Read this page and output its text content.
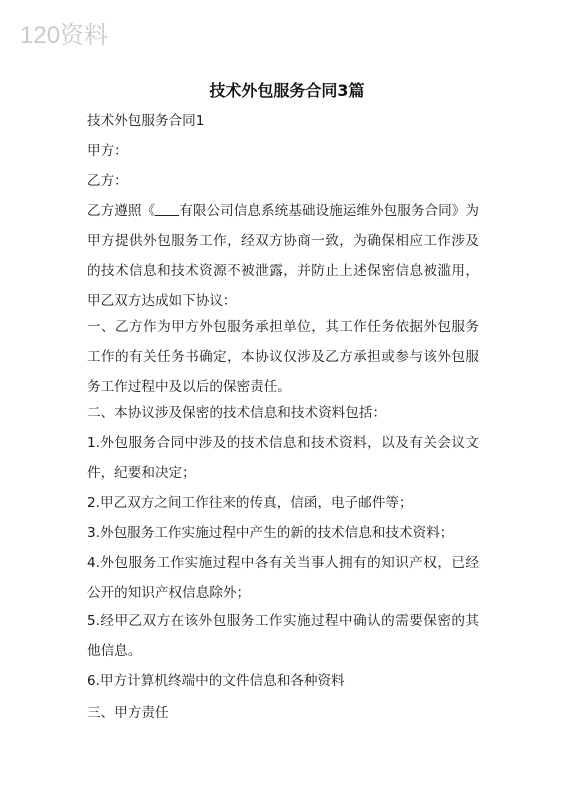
120资料
技术外包服务合同3篇

技术外包服务合同1

甲方：

乙方：

乙方遵照《 有限公司信息系统基础设施运维外包服务合同》为甲方提供外包服务工作，经双方协商一致，为确保相应工作涉及的技术信息和技术资源不被泄露，并防止上述保密信息被滥用，甲乙双方达成如下协议：

一、乙方作为甲方外包服务承担单位，其工作任务依据外包服务工作的有关任务书确定，本协议仅涉及乙方承担或参与该外包服务工作过程中及以后的保密责任。

二、本协议涉及保密的技术信息和技术资料包括：

1.外包服务合同中涉及的技术信息和技术资料，以及有关会议文件，纪要和决定；

2.甲乙双方之间工作往来的传真，信函，电子邮件等；

3.外包服务工作实施过程中产生的新的技术信息和技术资料；

4.外包服务工作实施过程中各有关当事人拥有的知识产权，已经公开的知识产权信息除外；

5.经甲乙双方在该外包服务工作实施过程中确认的需要保密的其他信息。

6.甲方计算机终端中的文件信息和各种资料

三、甲方责任
